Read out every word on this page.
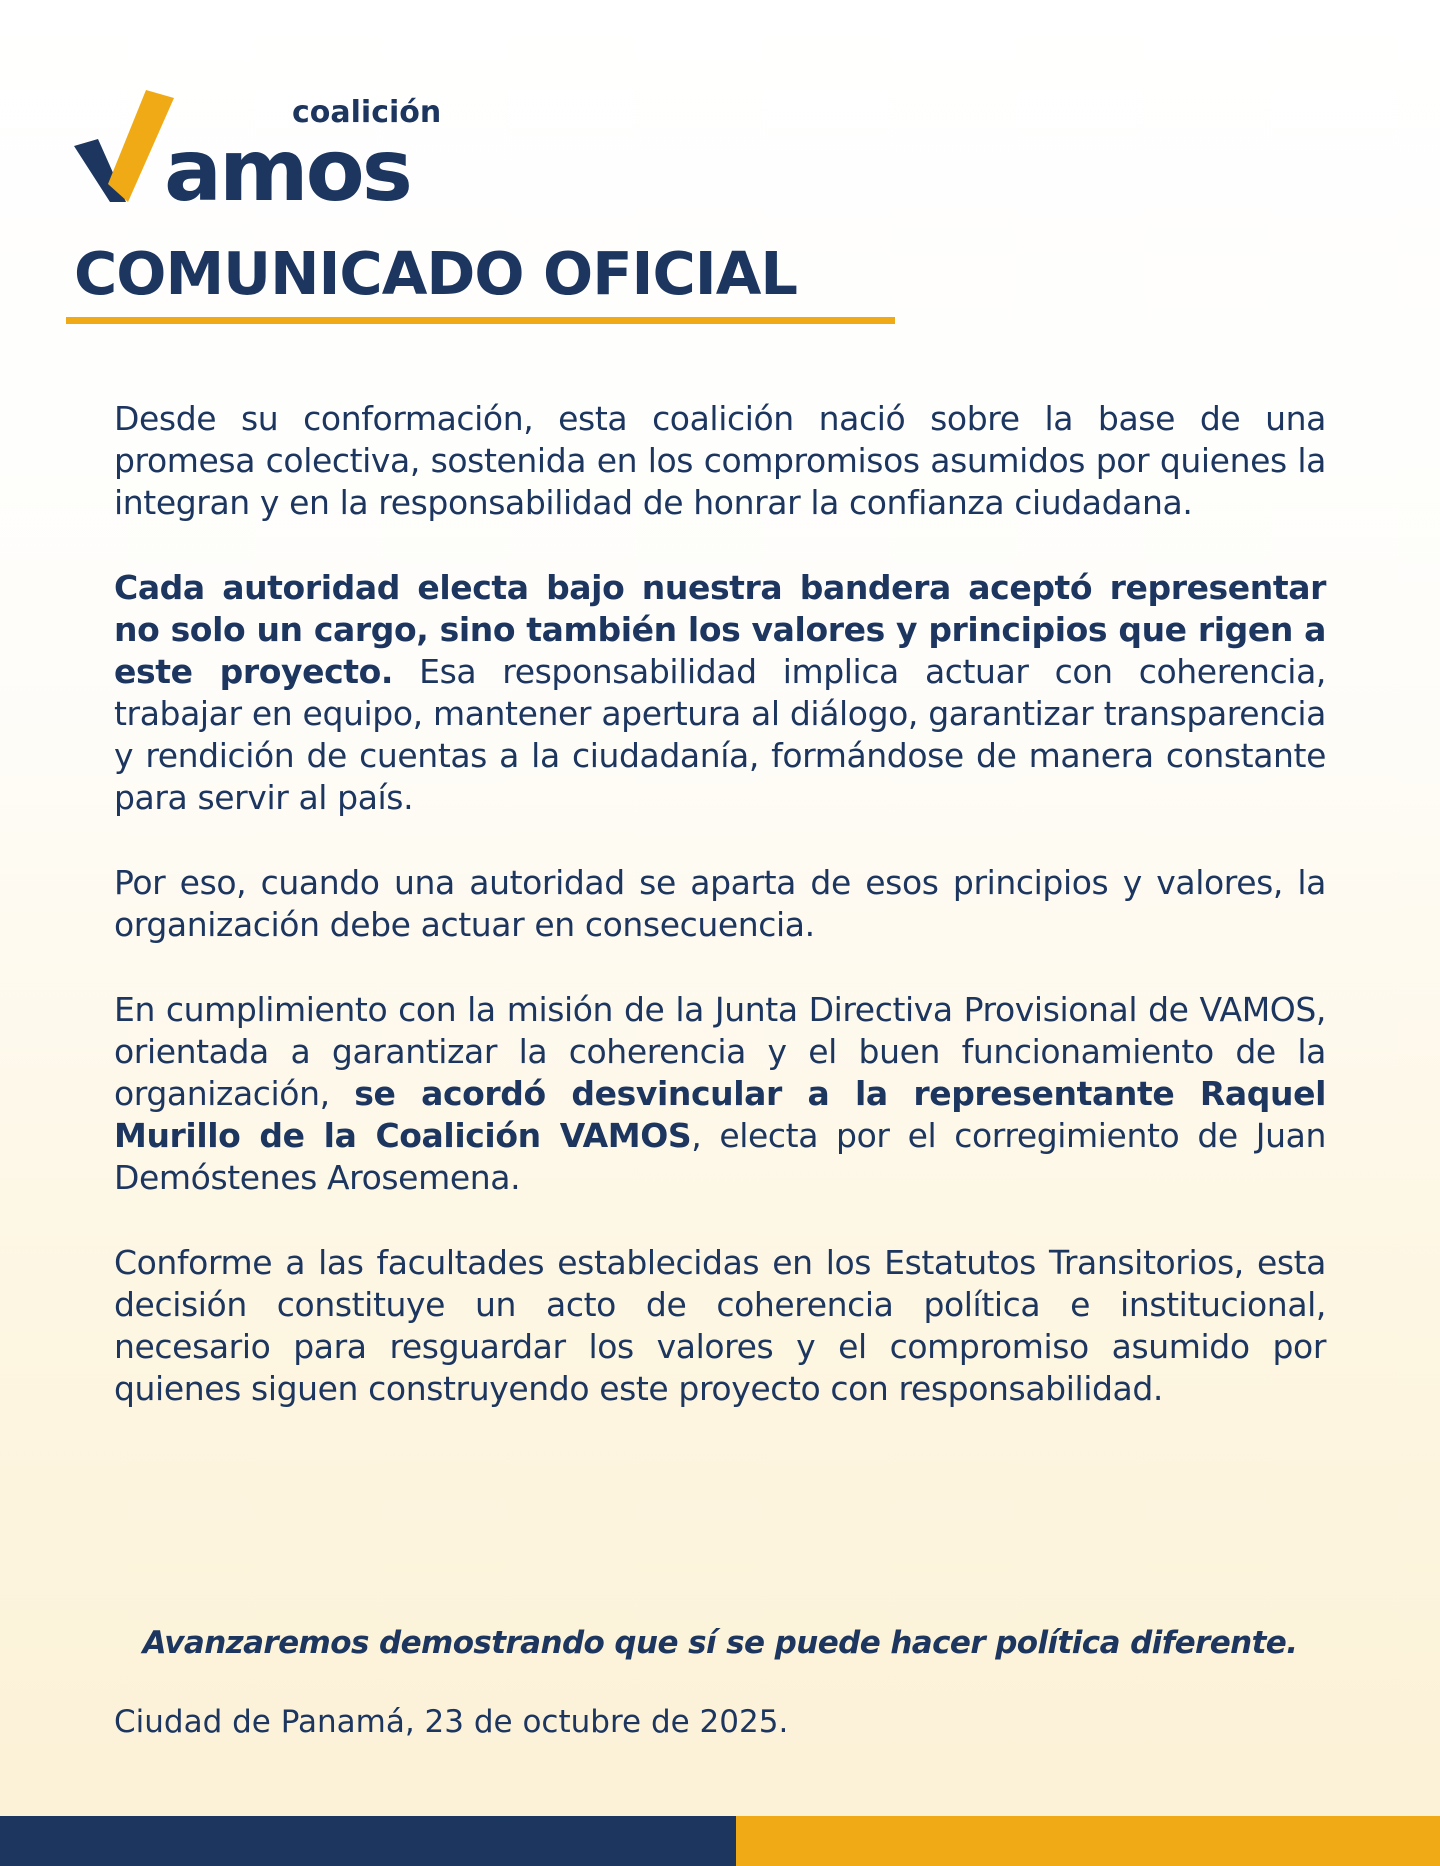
coalición
amos
COMUNICADO OFICIAL

Desde su conformación, esta coalición nació sobre la base de una promesa colectiva, sostenida en los compromisos asumidos por quienes la integran y en la responsabilidad de honrar la confianza ciudadana.

Cada autoridad electa bajo nuestra bandera aceptó representar no solo un cargo, sino también los valores y principios que rigen a este proyecto. Esa responsabilidad implica actuar con coherencia, trabajar en equipo, mantener apertura al diálogo, garantizar transparencia y rendición de cuentas a la ciudadanía, formándose de manera constante para servir al país.

Por eso, cuando una autoridad se aparta de esos principios y valores, la organización debe actuar en consecuencia.

En cumplimiento con la misión de la Junta Directiva Provisional de VAMOS, orientada a garantizar la coherencia y el buen funcionamiento de la organización, se acordó desvincular a la representante Raquel Murillo de la Coalición VAMOS, electa por el corregimiento de Juan Demóstenes Arosemena.

Conforme a las facultades establecidas en los Estatutos Transitorios, esta decisión constituye un acto de coherencia política e institucional, necesario para resguardar los valores y el compromiso asumido por quienes siguen construyendo este proyecto con responsabilidad.

Avanzaremos demostrando que sí se puede hacer política diferente.
Ciudad de Panamá, 23 de octubre de 2025.
